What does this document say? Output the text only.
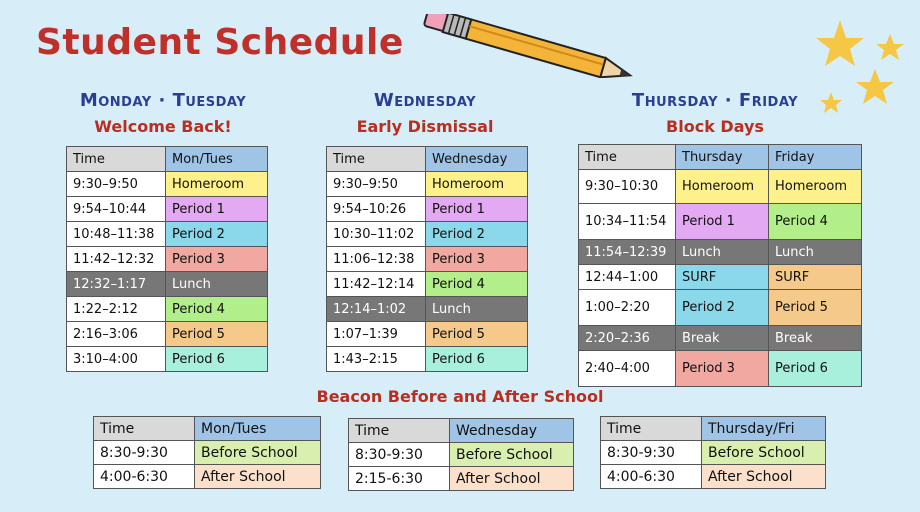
Student Schedule
Monday · Tuesday
Welcome Back!
Time	Mon/Tues
9:30–9:50	Homeroom
9:54–10:44	Period 1
10:48–11:38	Period 2
11:42–12:32	Period 3
12:32–1:17	Lunch
1:22–2:12	Period 4
2:16–3:06	Period 5
3:10–4:00	Period 6
Wednesday
Early Dismissal
Time	Wednesday
9:30–9:50	Homeroom
9:54–10:26	Period 1
10:30–11:02	Period 2
11:06–12:38	Period 3
11:42–12:14	Period 4
12:14–1:02	Lunch
1:07–1:39	Period 5
1:43–2:15	Period 6
Thursday · Friday
Block Days
Time	Thursday	Friday
9:30–10:30	Homeroom	Homeroom
10:34–11:54	Period 1	Period 4
11:54–12:39	Lunch	Lunch
12:44–1:00	SURF	SURF
1:00–2:20	Period 2	Period 5
2:20–2:36	Break	Break
2:40–4:00	Period 3	Period 6
Beacon Before and After School
Time	Mon/Tues
8:30-9:30	Before School
4:00-6:30	After School
Time	Wednesday
8:30-9:30	Before School
2:15-6:30	After School
Time	Thursday/Fri
8:30-9:30	Before School
4:00-6:30	After School
